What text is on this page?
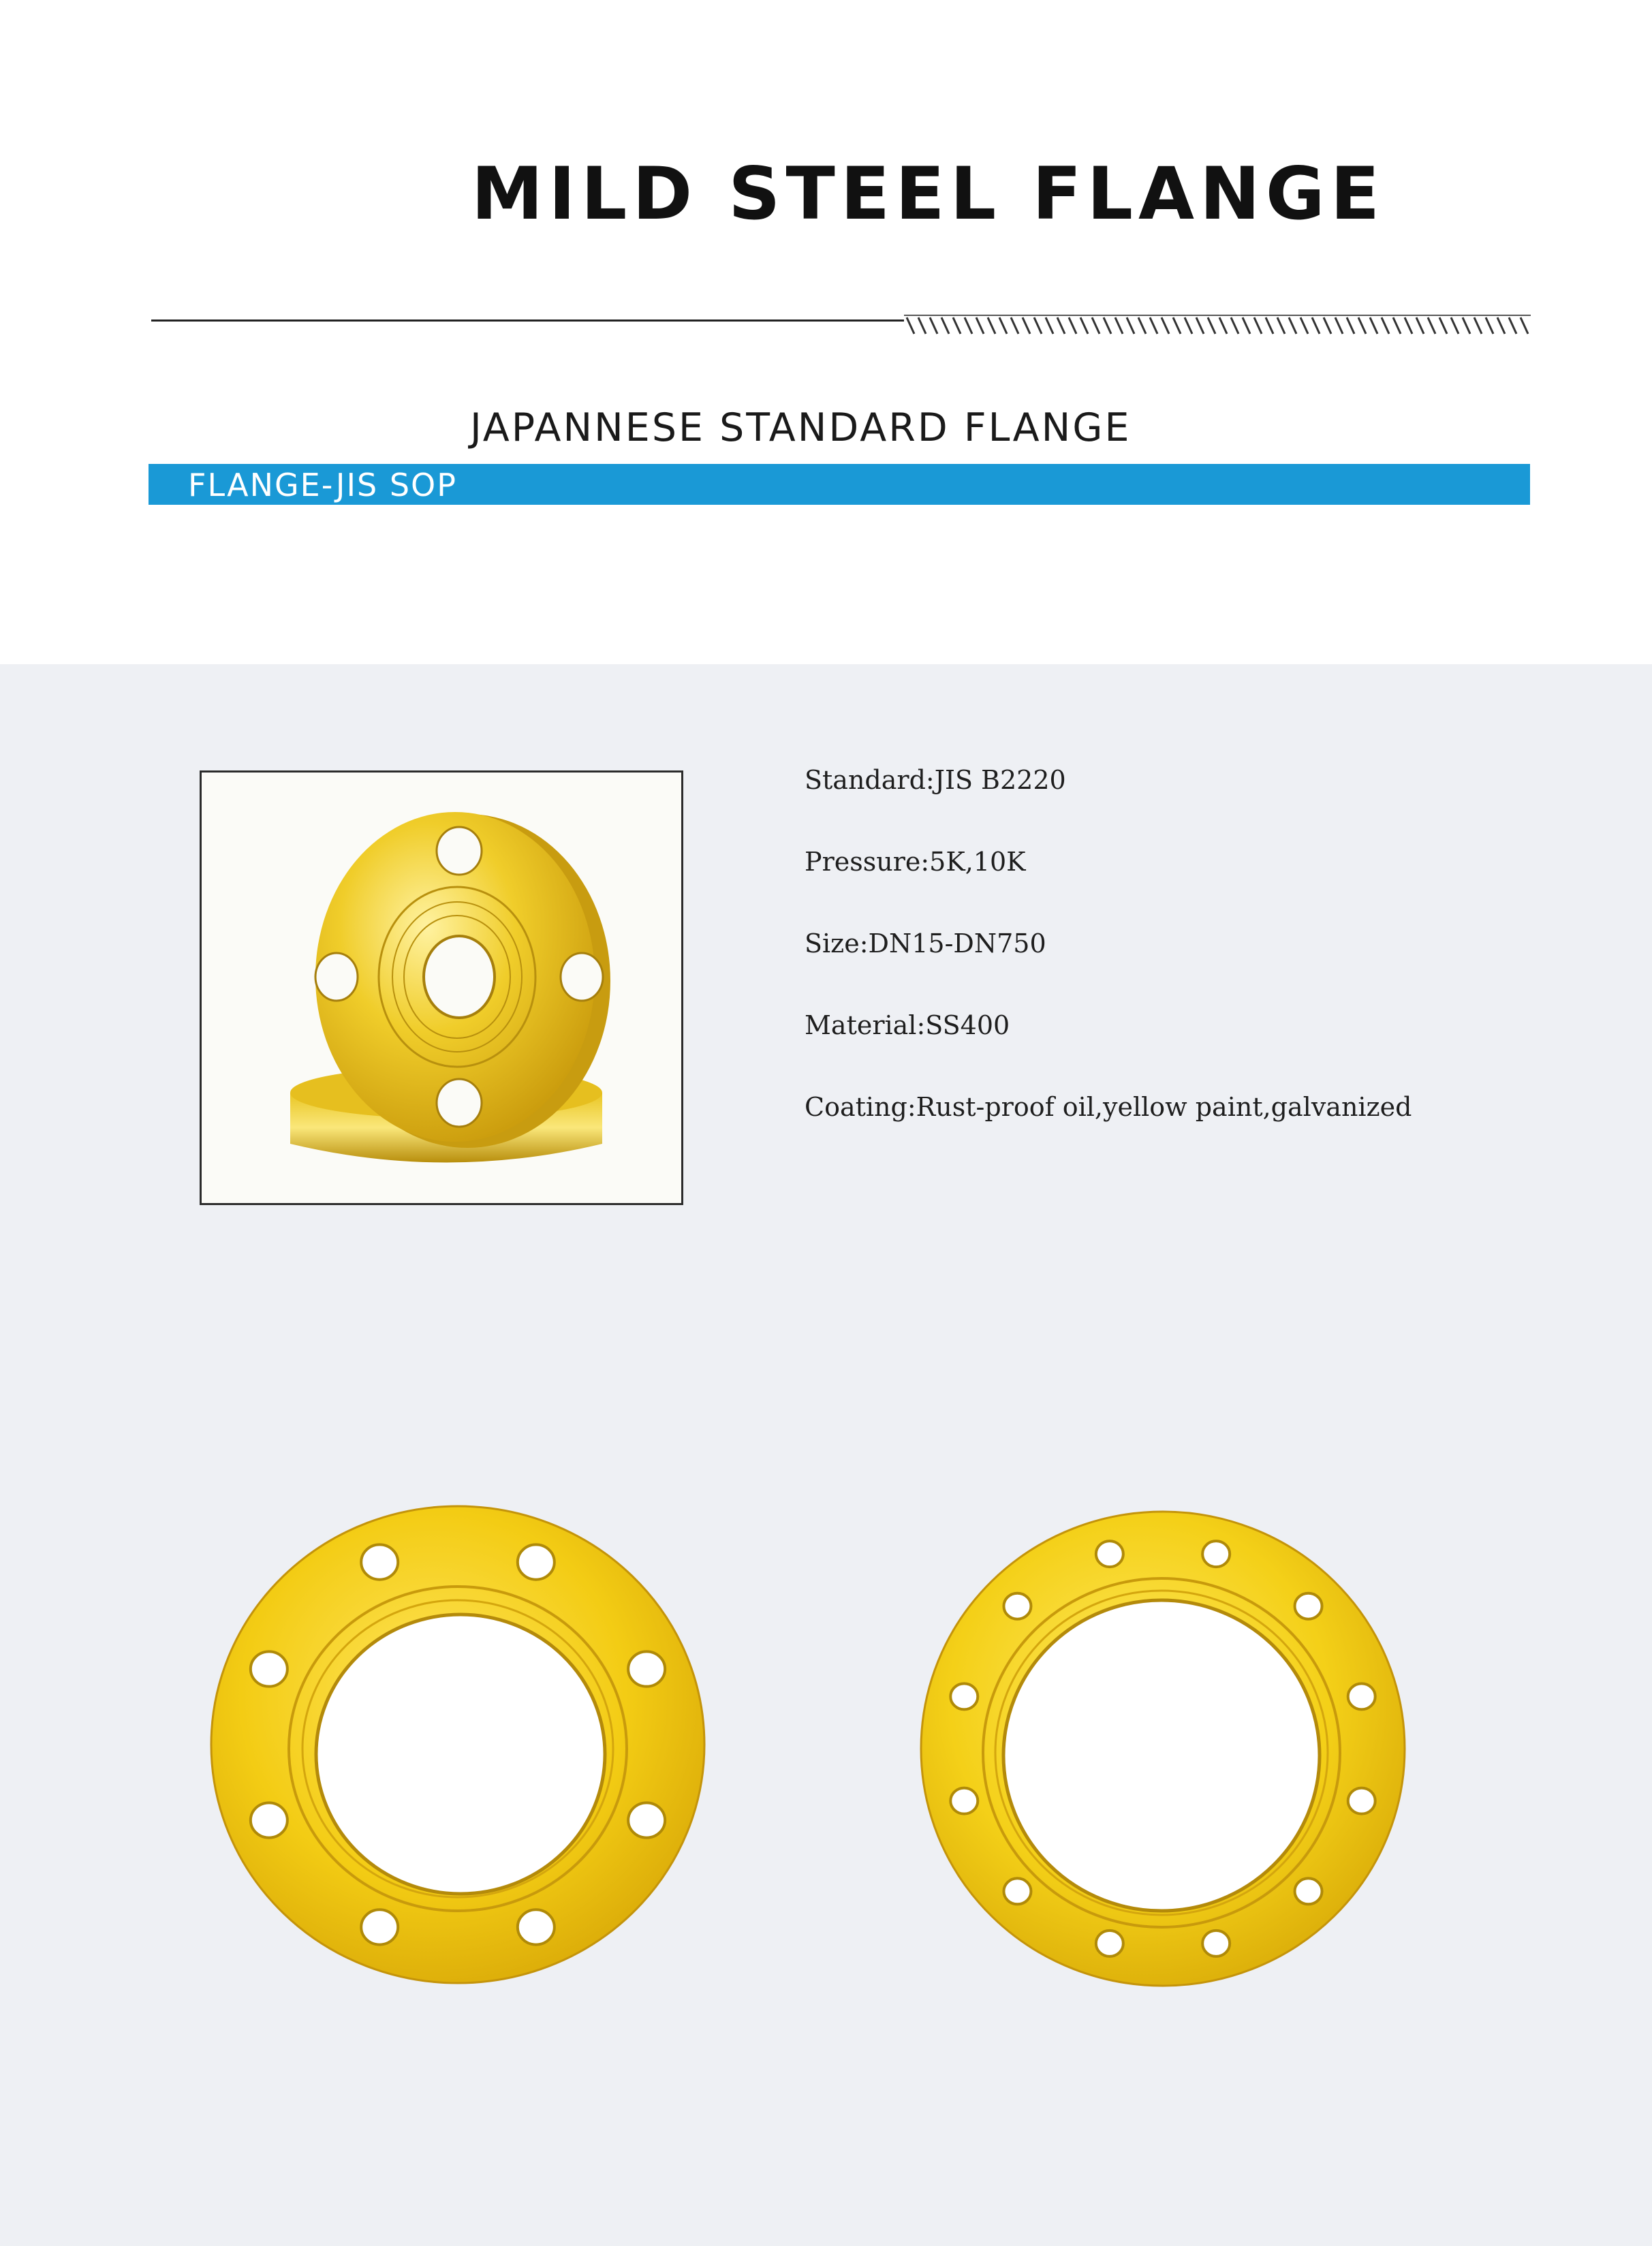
MILD STEEL FLANGE
JAPANNESE STANDARD FLANGE
FLANGE-JIS SOP
Standard:JIS B2220
Pressure:5K,10K
Size:DN15-DN750
Material:SS400
Coating:Rust-proof oil,yellow paint,galvanized
